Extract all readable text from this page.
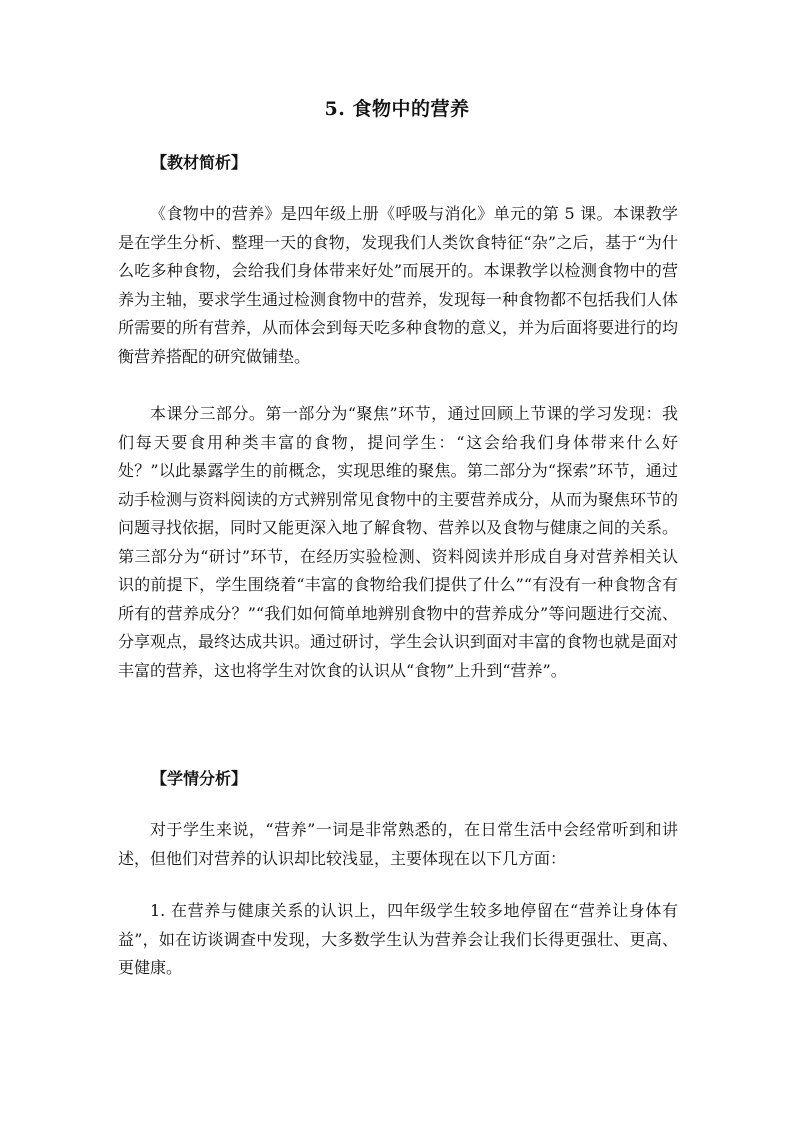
5. 食物中的营养
【教材简析】

《食物中的营养》是四年级上册《呼吸与消化》单元的第 5 课。本课教学是在学生分析、整理一天的食物，发现我们人类饮食特征“杂”之后，基于“为什么吃多种食物，会给我们身体带来好处”而展开的。本课教学以检测食物中的营养为主轴，要求学生通过检测食物中的营养，发现每一种食物都不包括我们人体所需要的所有营养，从而体会到每天吃多种食物的意义，并为后面将要进行的均衡营养搭配的研究做铺垫。

本课分三部分。第一部分为“聚焦”环节，通过回顾上节课的学习发现：我们每天要食用种类丰富的食物，提问学生：“这会给我们身体带来什么好处？”以此暴露学生的前概念，实现思维的聚焦。第二部分为“探索”环节，通过动手检测与资料阅读的方式辨别常见食物中的主要营养成分，从而为聚焦环节的问题寻找依据，同时又能更深入地了解食物、营养以及食物与健康之间的关系。第三部分为“研讨”环节，在经历实验检测、资料阅读并形成自身对营养相关认识的前提下，学生围绕着“丰富的食物给我们提供了什么”“有没有一种食物含有所有的营养成分？”“我们如何简单地辨别食物中的营养成分”等问题进行交流、分享观点，最终达成共识。通过研讨，学生会认识到面对丰富的食物也就是面对丰富的营养，这也将学生对饮食的认识从“食物”上升到“营养”。

【学情分析】

对于学生来说，“营养”一词是非常熟悉的，在日常生活中会经常听到和讲述，但他们对营养的认识却比较浅显，主要体现在以下几方面：

1. 在营养与健康关系的认识上，四年级学生较多地停留在“营养让身体有益”，如在访谈调查中发现，大多数学生认为营养会让我们长得更强壮、更高、更健康。
